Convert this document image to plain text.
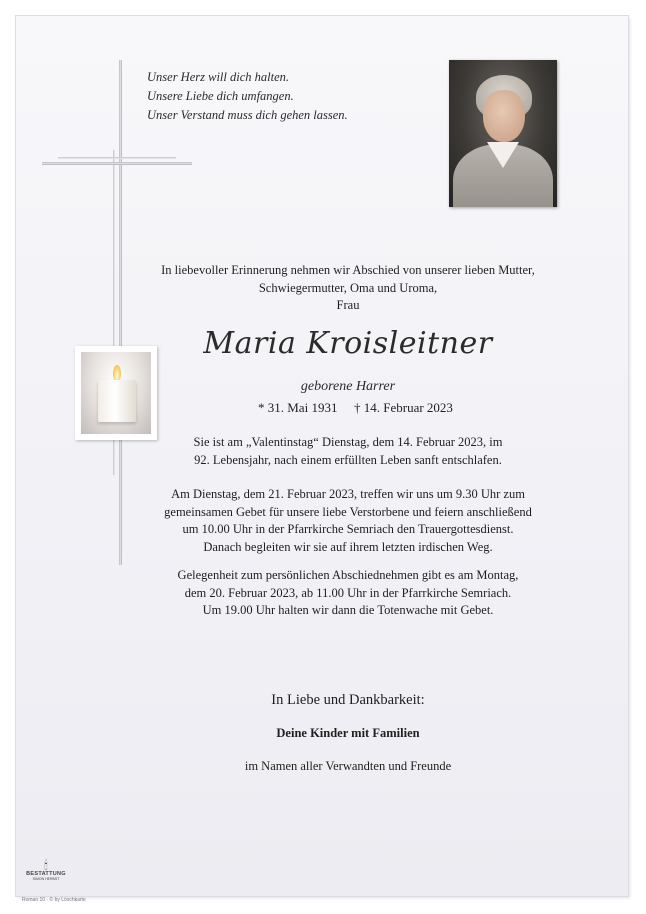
Unser Herz will dich halten.
Unsere Liebe dich umfangen.
Unser Verstand muss dich gehen lassen.
In liebevoller Erinnerung nehmen wir Abschied von unserer lieben Mutter,
Schwiegermutter, Oma und Uroma,
Frau
Maria Kroisleitner
geborene Harrer
* 31. Mai 1931 † 14. Februar 2023
Sie ist am „Valentinstag“ Dienstag, dem 14. Februar 2023, im
92. Lebensjahr, nach einem erfüllten Leben sanft entschlafen.
Am Dienstag, dem 21. Februar 2023, treffen wir uns um 9.30 Uhr zum
gemeinsamen Gebet für unsere liebe Verstorbene und feiern anschließend
um 10.00 Uhr in der Pfarrkirche Semriach den Trauergottesdienst.
Danach begleiten wir sie auf ihrem letzten irdischen Weg.
Gelegenheit zum persönlichen Abschiednehmen gibt es am Montag,
dem 20. Februar 2023, ab 11.00 Uhr in der Pfarrkirche Semriach.
Um 19.00 Uhr halten wir dann die Totenwache mit Gebet.
In Liebe und Dankbarkeit:
Deine Kinder mit Familien
im Namen aller Verwandten und Freunde
🕯
BESTATTUNG
SIMON HERBST
Roman 10 · © by Löschkarte
